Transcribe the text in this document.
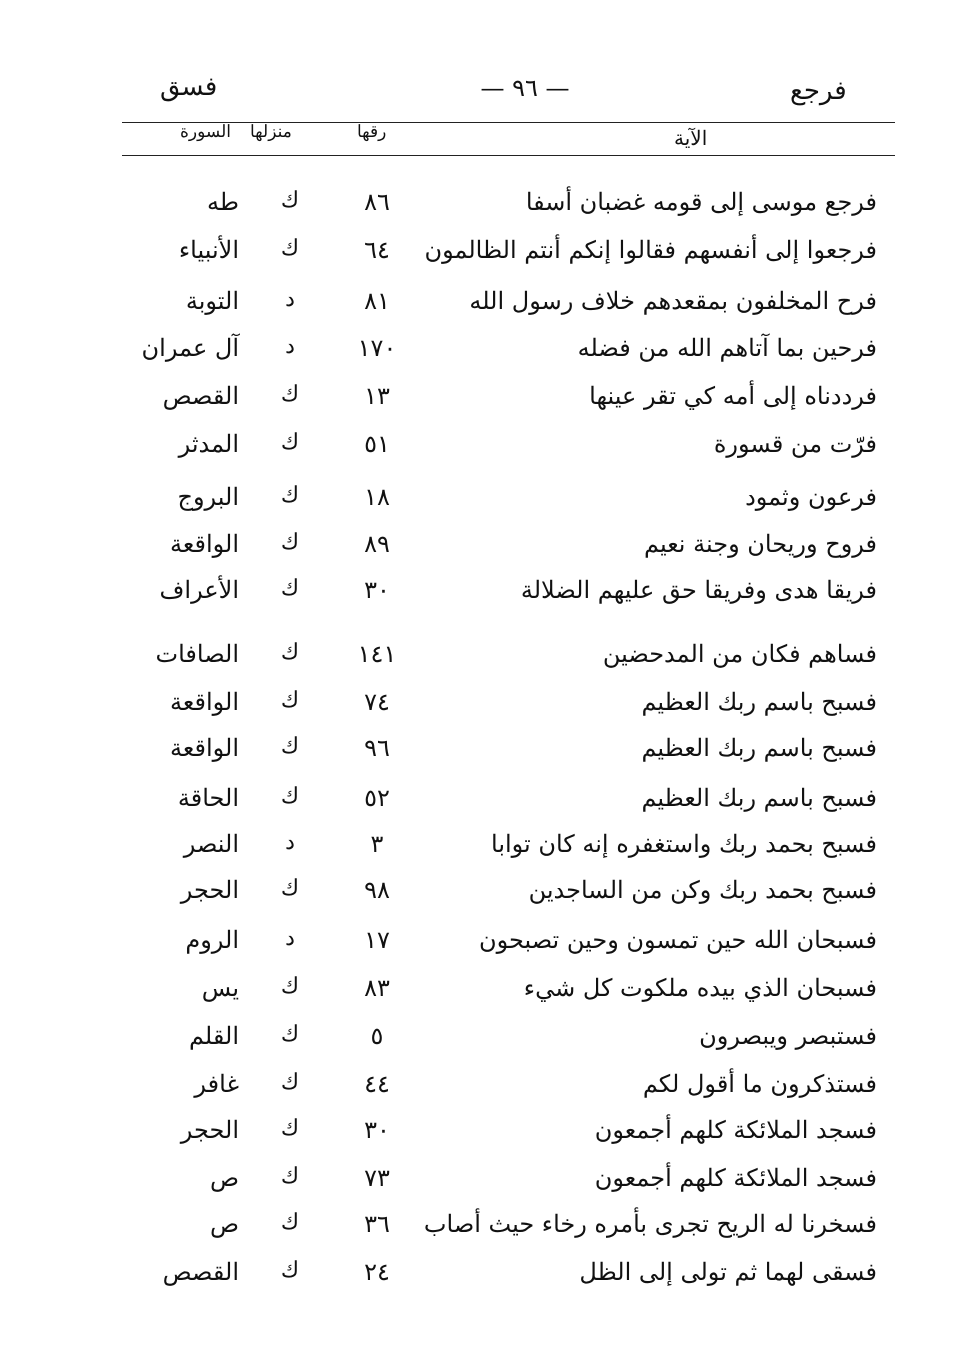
فرجع
— ٩٦ —
فسق
الآية
رقها
منزلها
السورة
فرجع موسى إلى قومه غضبان أسفا
٨٦
ك
طه
فرجعوا إلى أنفسهم فقالوا إنكم أنتم الظالمون
٦٤
ك
الأنبياء
فرح المخلفون بمقعدهم خلاف رسول الله
٨١
د
التوبة
فرحين بما آتاهم الله من فضله
١٧٠
د
آل عمران
فرددناه إلى أمه كي تقر عينها
١٣
ك
القصص
فرّت من قسورة
٥١
ك
المدثر
فرعون وثمود
١٨
ك
البروج
فروح وريحان وجنة نعيم
٨٩
ك
الواقعة
فريقا هدى وفريقا حق عليهم الضلالة
٣٠
ك
الأعراف
فساهم فكان من المدحضين
١٤١
ك
الصافات
فسبح باسم ربك العظيم
٧٤
ك
الواقعة
فسبح باسم ربك العظيم
٩٦
ك
الواقعة
فسبح باسم ربك العظيم
٥٢
ك
الحاقة
فسبح بحمد ربك واستغفره إنه كان توابا
٣
د
النصر
فسبح بحمد ربك وكن من الساجدين
٩٨
ك
الحجر
فسبحان الله حين تمسون وحين تصبحون
١٧
د
الروم
فسبحان الذي بيده ملكوت كل شيء
٨٣
ك
يس
فستبصر ويبصرون
٥
ك
القلم
فستذكرون ما أقول لكم
٤٤
ك
غافر
فسجد الملائكة كلهم أجمعون
٣٠
ك
الحجر
فسجد الملائكة كلهم أجمعون
٧٣
ك
ص
فسخرنا له الريح تجرى بأمره رخاء حيث أصاب
٣٦
ك
ص
فسقى لهما ثم تولى إلى الظل
٢٤
ك
القصص
